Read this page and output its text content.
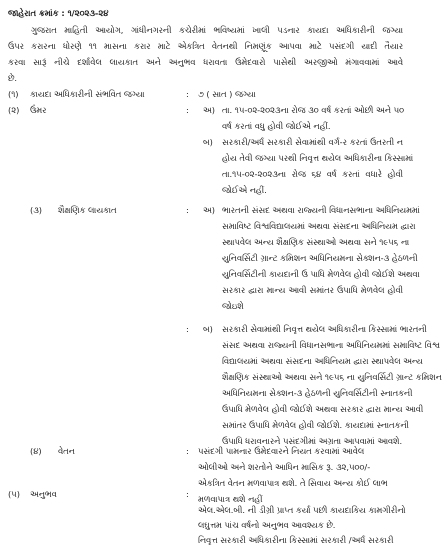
જાહેરાત ક્રમાંક : ૧/૨૦૨૩-૨૪
ગુજરાત માહિતી આયોગ, ગાંધીનગરની કચેરીમાં ભવિષ્યમાં ખાલી પડનાર કાયદા અધિકારીની જગ્યા
ઉપર કરારના ધોરણે ૧૧ માસના કરાર માટે એકત્રિત વેતનથી નિમણૂંક આપવા માટે પસંદગી યાદી તૈયાર
કરવા સારૂં નીચે દર્શાવેલ લાયકાત અને અનુભવ ધરાવતા ઉમેદવારો પાસેથી અરજીઓ મંગાવવામાં આવે
છે.
(૧) કાયદા અધિકારીની સંભવિત જગ્યા	: ૭ ( સાત ) જગ્યા
(૨) ઉંમર	: અ) તા. ૧૫-૦૨-૨૦૨૩ના રોજ ૩૦ વર્ષ કરતાં ઓછી અને ૫૦
વર્ષ કરતાં વધુ હોવી જોઈએ નહીં.
બ) સરકારી/અર્ધ સરકારી સેવામાંથી વર્ગ-ર કરતાં ઉતરતી ન
હોય તેવી જગ્યા પરથી નિવૃત્ત થયેલ અધિકારીના કિસ્સામાં
તા.૧૫-૦૨-૨૦૨૩ના રોજ ૬૪ વર્ષ કરતાં વધારે હોવી
જોઈએ નહીં.
(૩) શૈક્ષણિક લાયકાત	: અ) ભારતની સંસદ અથવા રાજ્યની વિધાનસભાના અધિનિયમમાં
સમાવિષ્ટ વિશ્વવિદ્યાલયમાં અથવા સંસદના અધિનિયમ દ્વારા
સ્થાપવેલ અન્ય શૈક્ષણિક સંસ્થાઓ અથવા સને ૧૯૫૬ ના
યુનિવર્સિટી ગ્રાન્ટ કમિશન અધિનિયમના સેક્શન-૩ હેઠળની
યુનિવર્સિટીની કાયદાની ઉ પાધિ મેળવેલ હોવી જોઈશે અથવા
સરકાર દ્વારા માન્ય આવી સમાંતર ઉપાધિ મેળવેલ હોવી
જોઇશે
: બ) સરકારી સેવામાંથી નિવૃત્ત થયેલ અધિકારીના કિસ્સામાં ભારતની
સંસદ અથવા રાજ્યની વિધાનસભાના અધિનિયમમાં સમાવિષ્ટ વિશ્વ
વિદ્યાલયમાં અથવા સંસદના અધિનિયમ દ્વારા સ્થાપવેલ અન્ય
શૈક્ષણિક સંસ્થાઓ અથવા સને ૧૯૫૬ ના યુનિવર્સિટી ગ્રાન્ટ કમિશન
અધિનિયમના સેક્શન-૩ હેઠળની યુનિવર્સિટીની સ્નાતકની
ઉપાધિ મેળવેલ હોવી જોઈશે અથવા સરકાર દ્વારા માન્ય આવી
સમાંતર ઉપાધિ મેળવેલ હોવી જોઈશે. કાયદામાં સ્નાતકની
ઉપાધિ ધરાવનારને પસંદગીમાં અગ્રતા આપવામાં આવશે.
(૪) વેતન	: પસંદગી પામનાર ઉમેદવારને નિયત કરવામાં આવેલ
ઓલીઓ અને શરતોને આધિન માસિક રૂ. ૩૨,૫૦૦/-
એકત્રિત વેતન મળવાપાત્ર થશે. તે સિવાય અન્ય કોઈ લાભ
મળવાપાત્ર થશે નહીં
(૫) અનુભવ	:
એલ.એલ.બી. ની ડીગ્રી પ્રાપ્ત કર્યા પછી કાયદાકિય કામગીરીનો
લઘુત્તમ પાંચ વર્ષનો અનુભવ આવશ્યક છે.
નિવૃત્ત સરકારી અધિકારીના કિસ્સામાં સરકારી /અર્ધ સરકારી
